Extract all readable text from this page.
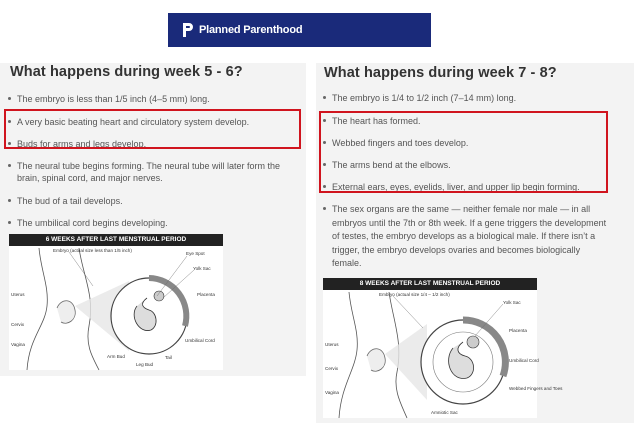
Planned Parenthood
What happens during week 5 - 6?
The embryo is less than 1/5 inch (4–5 mm) long.
A very basic beating heart and circulatory system develop.
Buds for arms and legs develop.
The neural tube begins forming. The neural tube will later form the
brain, spinal cord, and major nerves.
The bud of a tail develops.
The umbilical cord begins developing.
6 WEEKS AFTER LAST MENSTRUAL PERIOD
Embryo (actual size less than 1/5 inch)
Eye Spot
Yolk Sac
Uterus	Placenta
Cervix
Vagina
Umbilical Cord
Arm Bud
Leg Bud
Tail
What happens during week 7 - 8?
The embryo is 1/4 to 1/2 inch (7–14 mm) long.
The heart has formed.
Webbed fingers and toes develop.
The arms bend at the elbows.
External ears, eyes, eyelids, liver, and upper lip begin forming.
The sex organs are the same — neither female nor male — in all
embryos until the 7th or 8th week. If a gene triggers the development
of testes, the embryo develops as a biological male. If there isn’t a
trigger, the embryo develops ovaries and becomes biologically
female.
8 WEEKS AFTER LAST MENSTRUAL PERIOD
Embryo (actual size 1/4 – 1/2 inch)
Yolk Sac
Placenta
Uterus
Cervix
Umbilical Cord
Vagina
Webbed Fingers and Toes
Amniotic Sac
